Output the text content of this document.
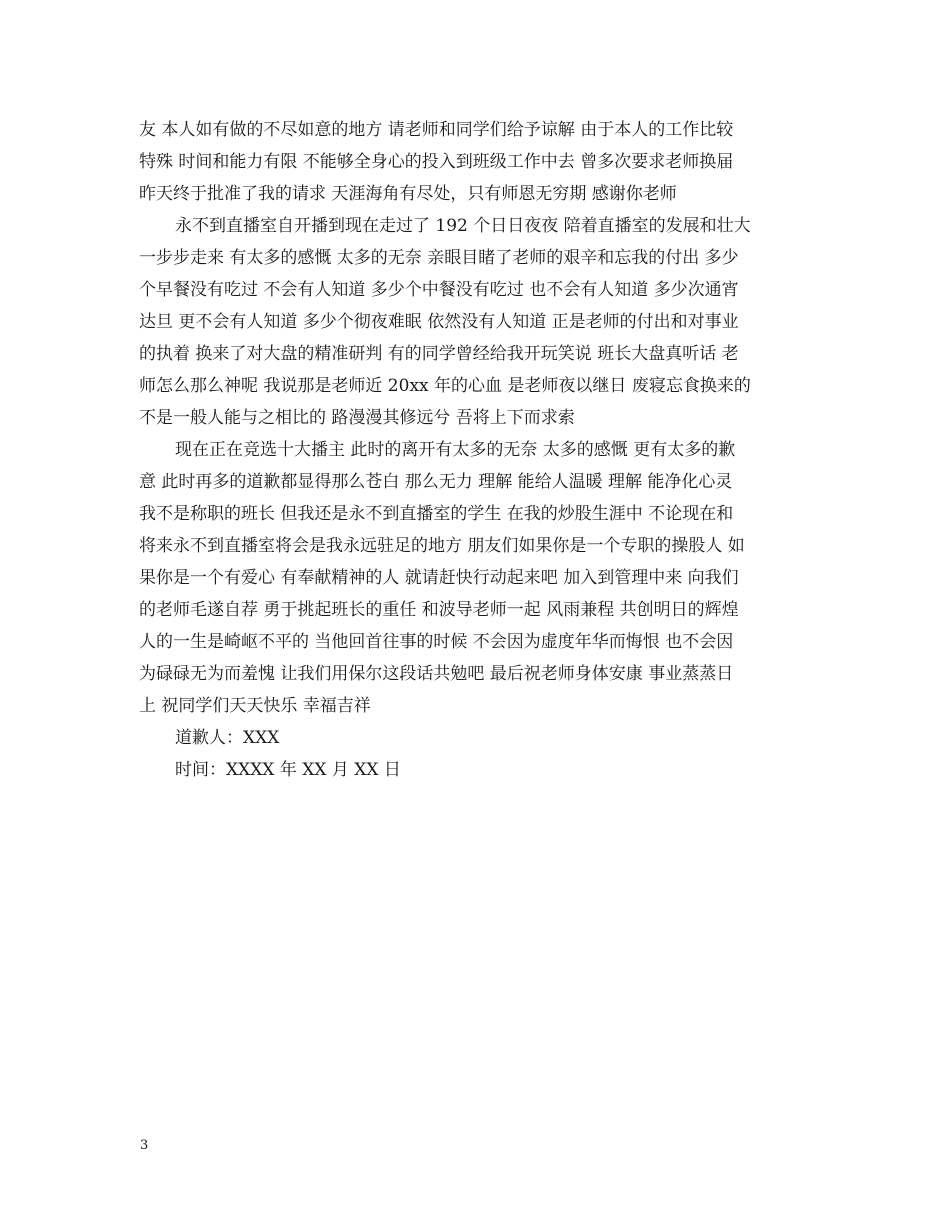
友 本人如有做的不尽如意的地方 请老师和同学们给予谅解 由于本人的工作比较
特殊 时间和能力有限 不能够全身心的投入到班级工作中去 曾多次要求老师换届
昨天终于批准了我的请求 天涯海角有尽处，只有师恩无穷期 感谢你老师
永不到直播室自开播到现在走过了 192 个日日夜夜 陪着直播室的发展和壮大
一步步走来 有太多的感慨 太多的无奈 亲眼目睹了老师的艰辛和忘我的付出 多少
个早餐没有吃过 不会有人知道 多少个中餐没有吃过 也不会有人知道 多少次通宵
达旦 更不会有人知道 多少个彻夜难眠 依然没有人知道 正是老师的付出和对事业
的执着 换来了对大盘的精准研判 有的同学曾经给我开玩笑说 班长大盘真听话 老
师怎么那么神呢 我说那是老师近 20xx 年的心血 是老师夜以继日 废寝忘食换来的
不是一般人能与之相比的 路漫漫其修远兮 吾将上下而求索
现在正在竞选十大播主 此时的离开有太多的无奈 太多的感慨 更有太多的歉
意 此时再多的道歉都显得那么苍白 那么无力 理解 能给人温暖 理解 能净化心灵
我不是称职的班长 但我还是永不到直播室的学生 在我的炒股生涯中 不论现在和
将来永不到直播室将会是我永远驻足的地方 朋友们如果你是一个专职的操股人 如
果你是一个有爱心 有奉献精神的人 就请赶快行动起来吧 加入到管理中来 向我们
的老师毛遂自荐 勇于挑起班长的重任 和波导老师一起 风雨兼程 共创明日的辉煌
人的一生是崎岖不平的 当他回首往事的时候 不会因为虚度年华而悔恨 也不会因
为碌碌无为而羞愧 让我们用保尔这段话共勉吧 最后祝老师身体安康 事业蒸蒸日
上 祝同学们天天快乐 幸福吉祥
道歉人：XXX
时间：XXXX 年 XX 月 XX 日
3
